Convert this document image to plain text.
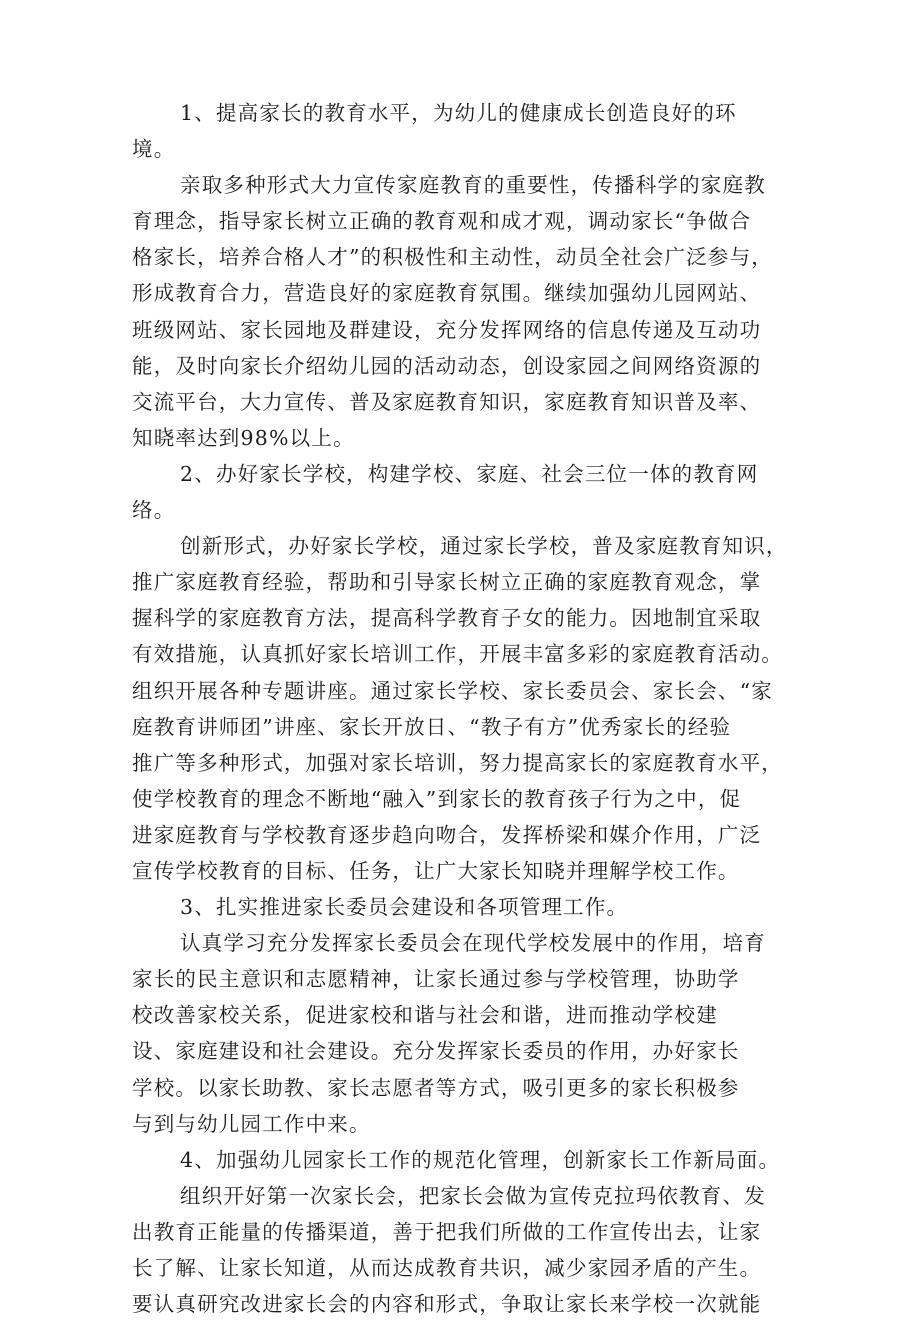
1、提高家长的教育水平，为幼儿的健康成长创造良好的环
境。
亲取多种形式大力宣传家庭教育的重要性，传播科学的家庭教
育理念，指导家长树立正确的教育观和成才观，调动家长“争做合
格家长，培养合格人才”的积极性和主动性，动员全社会广泛参与，
形成教育合力，营造良好的家庭教育氛围。继续加强幼儿园网站、
班级网站、家长园地及群建设，充分发挥网络的信息传递及互动功
能，及时向家长介绍幼儿园的活动动态，创设家园之间网络资源的
交流平台，大力宣传、普及家庭教育知识，家庭教育知识普及率、
知晓率达到98%以上。
2、办好家长学校，构建学校、家庭、社会三位一体的教育网
络。
创新形式，办好家长学校，通过家长学校，普及家庭教育知识，
推广家庭教育经验，帮助和引导家长树立正确的家庭教育观念，掌
握科学的家庭教育方法，提高科学教育子女的能力。因地制宜采取
有效措施，认真抓好家长培训工作，开展丰富多彩的家庭教育活动。
组织开展各种专题讲座。通过家长学校、家长委员会、家长会、“家
庭教育讲师团”讲座、家长开放日、“教子有方”优秀家长的经验
推广等多种形式，加强对家长培训，努力提高家长的家庭教育水平，
使学校教育的理念不断地“融入”到家长的教育孩子行为之中，促
进家庭教育与学校教育逐步趋向吻合，发挥桥梁和媒介作用，广泛
宣传学校教育的目标、任务，让广大家长知晓并理解学校工作。
3、扎实推进家长委员会建设和各项管理工作。
认真学习充分发挥家长委员会在现代学校发展中的作用，培育
家长的民主意识和志愿精神，让家长通过参与学校管理，协助学
校改善家校关系，促进家校和谐与社会和谐，进而推动学校建
设、家庭建设和社会建设。充分发挥家长委员的作用，办好家长
学校。以家长助教、家长志愿者等方式，吸引更多的家长积极参
与到与幼儿园工作中来。
4、加强幼儿园家长工作的规范化管理，创新家长工作新局面。
组织开好第一次家长会，把家长会做为宣传克拉玛依教育、发
出教育正能量的传播渠道，善于把我们所做的工作宣传出去，让家
长了解、让家长知道，从而达成教育共识，减少家园矛盾的产生。
要认真研究改进家长会的内容和形式，争取让家长来学校一次就能
